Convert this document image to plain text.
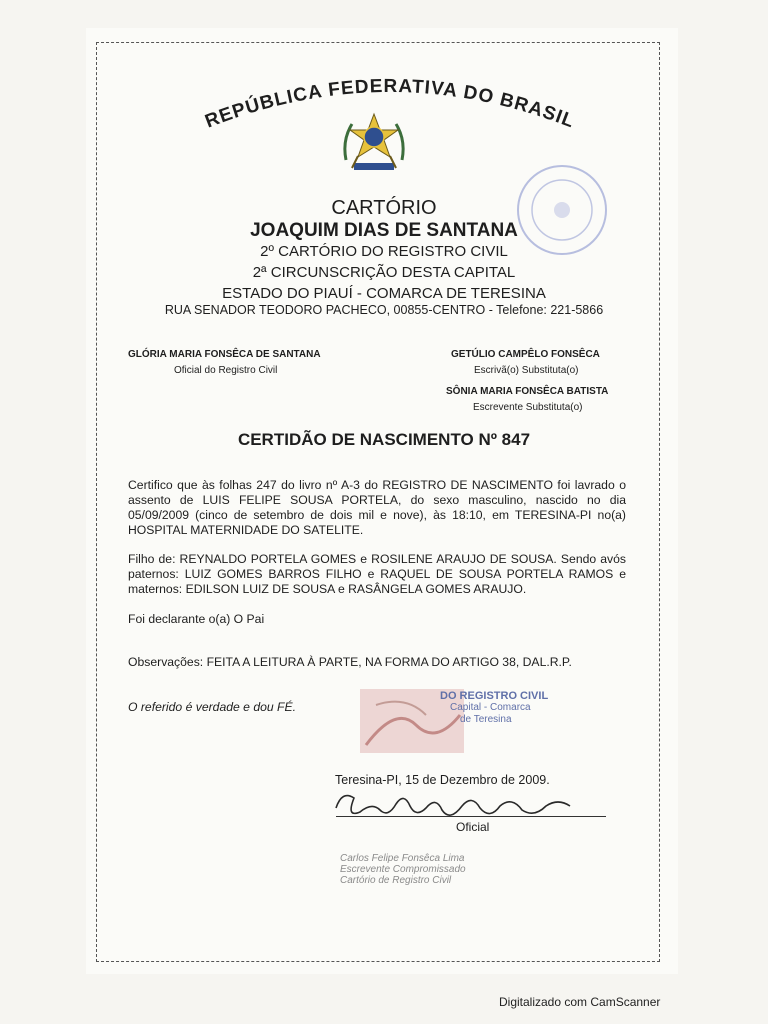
REPÚBLICA FEDERATIVA DO BRASIL
CARTÓRIO
JOAQUIM DIAS DE SANTANA
2º CARTÓRIO DO REGISTRO CIVIL
2ª CIRCUNSCRIÇÃO DESTA CAPITAL
ESTADO DO PIAUÍ - COMARCA DE TERESINA
RUA SENADOR TEODORO PACHECO, 00855-CENTRO - Telefone: 221-5866
GLÓRIA MARIA FONSÊCA DE SANTANA
Oficial do Registro Civil
GETÚLIO CAMPÊLO FONSÊCA
Escrivã(o) Substituta(o)
SÔNIA MARIA FONSÊCA BATISTA
Escrevente Substituta(o)
CERTIDÃO DE NASCIMENTO Nº 847
Certifico que às folhas 247 do livro nº A-3 do REGISTRO DE NASCIMENTO foi lavrado o assento de LUIS FELIPE SOUSA PORTELA, do sexo masculino, nascido no dia 05/09/2009 (cinco de setembro de dois mil e nove), às 18:10, em TERESINA-PI no(a) HOSPITAL MATERNIDADE DO SATELITE.
Filho de: REYNALDO PORTELA GOMES e ROSILENE ARAUJO DE SOUSA. Sendo avós paternos: LUIZ GOMES BARROS FILHO e RAQUEL DE SOUSA PORTELA RAMOS e maternos: EDILSON LUIZ DE SOUSA e RASÂNGELA GOMES ARAUJO.
Foi declarante o(a) O Pai
Observações: FEITA A LEITURA À PARTE, NA FORMA DO ARTIGO 38, DAL.R.P.
O referido é verdade e dou FÉ.
DO REGISTRO CIVIL
Capital - Comarca
de Teresina
Teresina-PI, 15 de Dezembro de 2009.
Oficial
Carlos Felipe Fonsêca Lima
Escrevente Compromissado
Cartório de Registro Civil
Digitalizado com CamScanner
